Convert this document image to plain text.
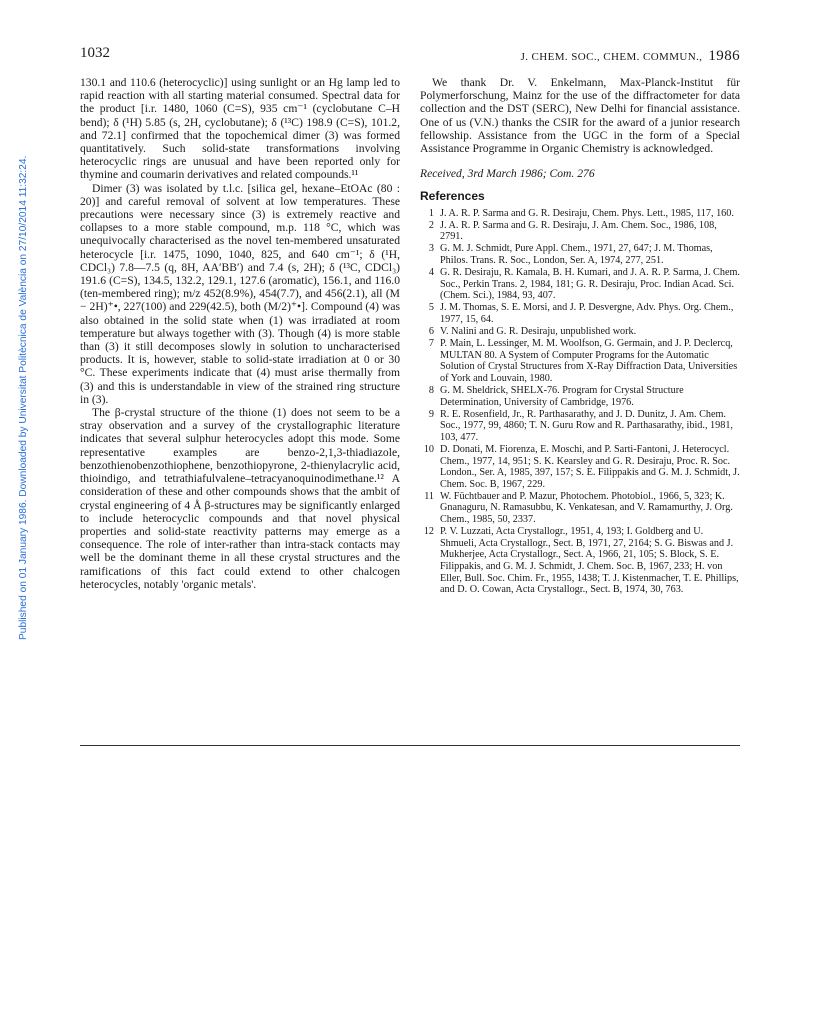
Published on 01 January 1986. Downloaded by Universitat Politècnica de València on 27/10/2014 11:32:24.
1032	J. CHEM. SOC., CHEM. COMMUN., 1986

130.1 and 110.6 (heterocyclic)] using sunlight or an Hg lamp led to rapid reaction with all starting material consumed. Spectral data for the product [i.r. 1480, 1060 (C=S), 935 cm⁻¹ (cyclobutane C–H bend); δ (¹H) 5.85 (s, 2H, cyclobutane); δ (¹³C) 198.9 (C=S), 101.2, and 72.1] confirmed that the topochemical dimer (3) was formed quantitatively. Such solid-state transformations involving heterocyclic rings are unusual and have been reported only for thymine and coumarin derivatives and related compounds.¹¹

Dimer (3) was isolated by t.l.c. [silica gel, hexane–EtOAc (80 : 20)] and careful removal of solvent at low temperatures. These precautions were necessary since (3) is extremely reactive and collapses to a more stable compound, m.p. 118 °C, which was unequivocally characterised as the novel ten-membered unsaturated heterocycle [i.r. 1475, 1090, 1040, 825, and 640 cm⁻¹; δ (¹H, CDCl₃) 7.8—7.5 (q, 8H, AA′BB′) and 7.4 (s, 2H); δ (¹³C, CDCl₃) 191.6 (C=S), 134.5, 132.2, 129.1, 127.6 (aromatic), 156.1, and 116.0 (ten-membered ring); m/z 452(8.9%), 454(7.7), and 456(2.1), all (M − 2H)⁺•, 227(100) and 229(42.5), both (M/2)⁺•]. Compound (4) was also obtained in the solid state when (1) was irradiated at room temperature but always together with (3). Though (4) is more stable than (3) it still decomposes slowly in solution to uncharacterised products. It is, however, stable to solid-state irradiation at 0 or 30 °C. These experiments indicate that (4) must arise thermally from (3) and this is understandable in view of the strained ring structure in (3).

The β-crystal structure of the thione (1) does not seem to be a stray observation and a survey of the crystallographic literature indicates that several sulphur heterocycles adopt this mode. Some representative examples are benzo-2,1,3-thiadiazole, benzothienobenzothiophene, benzothiopyrone, 2-thienylacrylic acid, thioindigo, and tetrathiafulvalene–tetracyanoquinodimethane.¹² A consideration of these and other compounds shows that the ambit of crystal engineering of 4 Å β-structures may be significantly enlarged to include heterocyclic compounds and that novel physical properties and solid-state reactivity patterns may emerge as a consequence. The role of inter-rather than intra-stack contacts may well be the dominant theme in all these crystal structures and the ramifications of this fact could extend to other chalcogen heterocycles, notably 'organic metals'.

We thank Dr. V. Enkelmann, Max-Planck-Institut für Polymerforschung, Mainz for the use of the diffractometer for data collection and the DST (SERC), New Delhi for financial assistance. One of us (V.N.) thanks the CSIR for the award of a junior research fellowship. Assistance from the UGC in the form of a Special Assistance Programme in Organic Chemistry is acknowledged.

Received, 3rd March 1986; Com. 276
References
1 J. A. R. P. Sarma and G. R. Desiraju, Chem. Phys. Lett., 1985, 117, 160.
2 J. A. R. P. Sarma and G. R. Desiraju, J. Am. Chem. Soc., 1986, 108, 2791.
3 G. M. J. Schmidt, Pure Appl. Chem., 1971, 27, 647; J. M. Thomas, Philos. Trans. R. Soc., London, Ser. A, 1974, 277, 251.
4 G. R. Desiraju, R. Kamala, B. H. Kumari, and J. A. R. P. Sarma, J. Chem. Soc., Perkin Trans. 2, 1984, 181; G. R. Desiraju, Proc. Indian Acad. Sci. (Chem. Sci.), 1984, 93, 407.
5 J. M. Thomas, S. E. Morsi, and J. P. Desvergne, Adv. Phys. Org. Chem., 1977, 15, 64.
6 V. Nalini and G. R. Desiraju, unpublished work.
7 P. Main, L. Lessinger, M. M. Woolfson, G. Germain, and J. P. Declercq, MULTAN 80. A System of Computer Programs for the Automatic Solution of Crystal Structures from X-Ray Diffraction Data, Universities of York and Louvain, 1980.
8 G. M. Sheldrick, SHELX-76. Program for Crystal Structure Determination, University of Cambridge, 1976.
9 R. E. Rosenfield, Jr., R. Parthasarathy, and J. D. Dunitz, J. Am. Chem. Soc., 1977, 99, 4860; T. N. Guru Row and R. Parthasarathy, ibid., 1981, 103, 477.
10 D. Donati, M. Fiorenza, E. Moschi, and P. Sarti-Fantoni, J. Heterocycl. Chem., 1977, 14, 951; S. K. Kearsley and G. R. Desiraju, Proc. R. Soc. London., Ser. A, 1985, 397, 157; S. E. Filippakis and G. M. J. Schmidt, J. Chem. Soc. B, 1967, 229.
11 W. Füchtbauer and P. Mazur, Photochem. Photobiol., 1966, 5, 323; K. Gnanaguru, N. Ramasubbu, K. Venkatesan, and V. Ramamurthy, J. Org. Chem., 1985, 50, 2337.
12 P. V. Luzzati, Acta Crystallogr., 1951, 4, 193; I. Goldberg and U. Shmueli, Acta Crystallogr., Sect. B, 1971, 27, 2164; S. G. Biswas and J. Mukherjee, Acta Crystallogr., Sect. A, 1966, 21, 105; S. Block, S. E. Filippakis, and G. M. J. Schmidt, J. Chem. Soc. B, 1967, 233; H. von Eller, Bull. Soc. Chim. Fr., 1955, 1438; T. J. Kistenmacher, T. E. Phillips, and D. O. Cowan, Acta Crystallogr., Sect. B, 1974, 30, 763.
